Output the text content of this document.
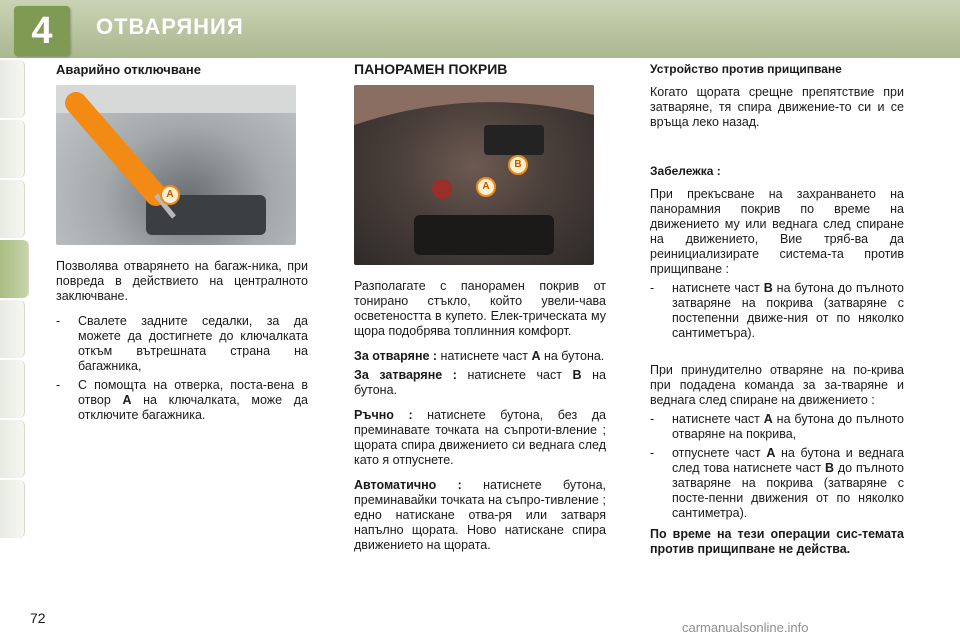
4	ОТВАРЯНИЯ
Аварийно отключване
A

Позволява отварянето на багаж-ника, при повреда в действието на централното заключване.

-	Свалете задните седалки, за да можете да достигнете до ключалката откъм вътрешната страна на багажника,
-	С помощта на отверка, поста-вена в отвор A на ключалката, може да отключите багажника.
ПАНОРАМЕН ПОКРИВ
B
A

Разполагате с панорамен покрив от тонирано стъкло, който увели-чава осветеността в купето. Елек-трическата му щора подобрява топлинния комфорт.

За отваряне : натиснете част A на бутона.

За затваряне : натиснете част B на бутона.

Ръчно : натиснете бутона, без да преминавате точката на съпроти-вление ; щората спира движението си веднага след като я отпуснете.

Автоматично : натиснете бутона, преминавайки точката на съпро-тивление ; едно натискане отва-ря или затваря напълно щората. Ново натискане спира движението на щората.

Устройство против прищипване

Когато щората срещне препятствие при затваряне, тя спира движение-то си и се връща леко назад.

Забележка :

При прекъсване на захранването на панорамния покрив по време на движението му или веднага след спиране на движението, Вие тряб-ва да реинициализирате система-та против прищипване :

-	натиснете част B на бутона до пълното затваряне на покрива (затваряне с постепенни движе-ния от по няколко сантиметъра).

При принудително отваряне на по-крива при подадена команда за за-тваряне и веднага след спиране на движението :

-	натиснете част A на бутона до пълното отваряне на покрива,
-	отпуснете част A на бутона и веднага след това натиснете част B до пълното затваряне на покрива (затваряне с посте-пенни движения от по няколко сантиметра).

По време на тези операции сис-темата против прищипване не действа.

72
carmanualsonline.info
